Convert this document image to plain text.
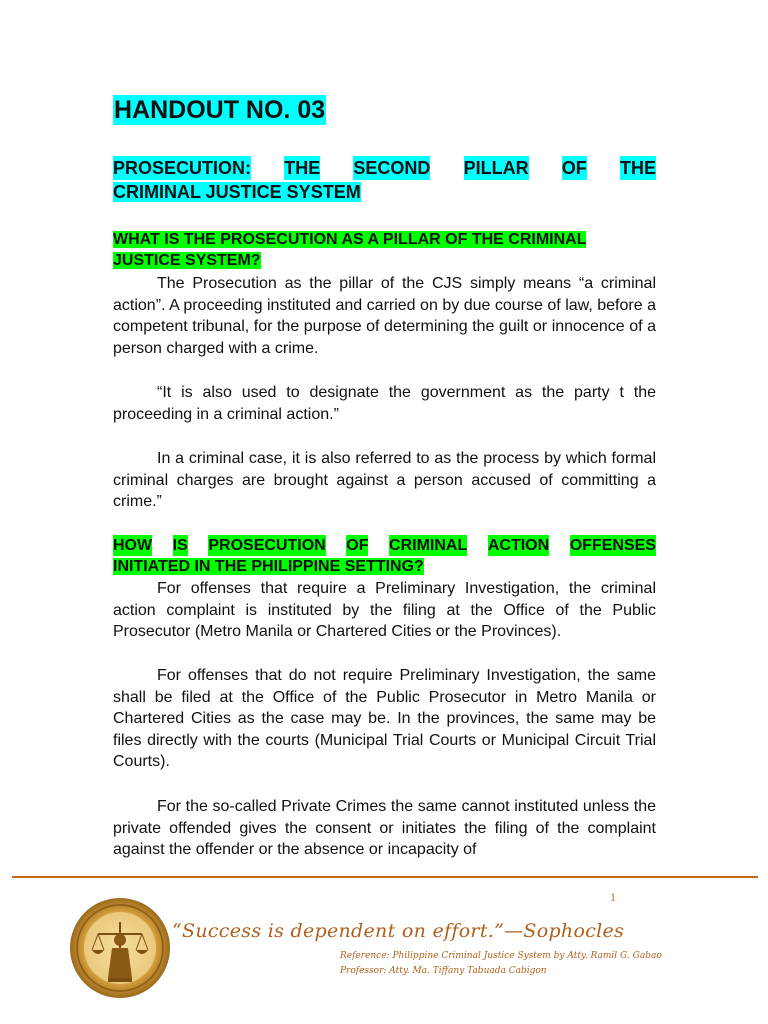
HANDOUT NO. 03
PROSECUTION: THE SECOND PILLAR OF THE
CRIMINAL JUSTICE SYSTEM
WHAT IS THE PROSECUTION AS A PILLAR OF THE CRIMINAL
JUSTICE SYSTEM?

The Prosecution as the pillar of the CJS simply means “a criminal action”. A proceeding instituted and carried on by due course of law, before a competent tribunal, for the purpose of determining the guilt or innocence of a person charged with a crime.

“It is also used to designate the government as the party t the proceeding in a criminal action.”

In a criminal case, it is also referred to as the process by which formal criminal charges are brought against a person accused of committing a crime.”

HOW IS PROSECUTION OF CRIMINAL ACTION OFFENSES
INITIATED IN THE PHILIPPINE SETTING?

For offenses that require a Preliminary Investigation, the criminal action complaint is instituted by the filing at the Office of the Public Prosecutor (Metro Manila or Chartered Cities or the Provinces).

For offenses that do not require Preliminary Investigation, the same shall be filed at the Office of the Public Prosecutor in Metro Manila or Chartered Cities as the case may be. In the provinces, the same may be files directly with the courts (Municipal Trial Courts or Municipal Circuit Trial Courts).

For the so-called Private Crimes the same cannot instituted unless the private offended gives the consent or initiates the filing of the complaint against the offender or the absence or incapacity of

1
“Success is dependent on effort.”—Sophocles
Reference: Philippine Criminal Justice System by Atty. Ramil G. Gabao
Professor: Atty. Ma. Tiffany Tabuada Cabigon
